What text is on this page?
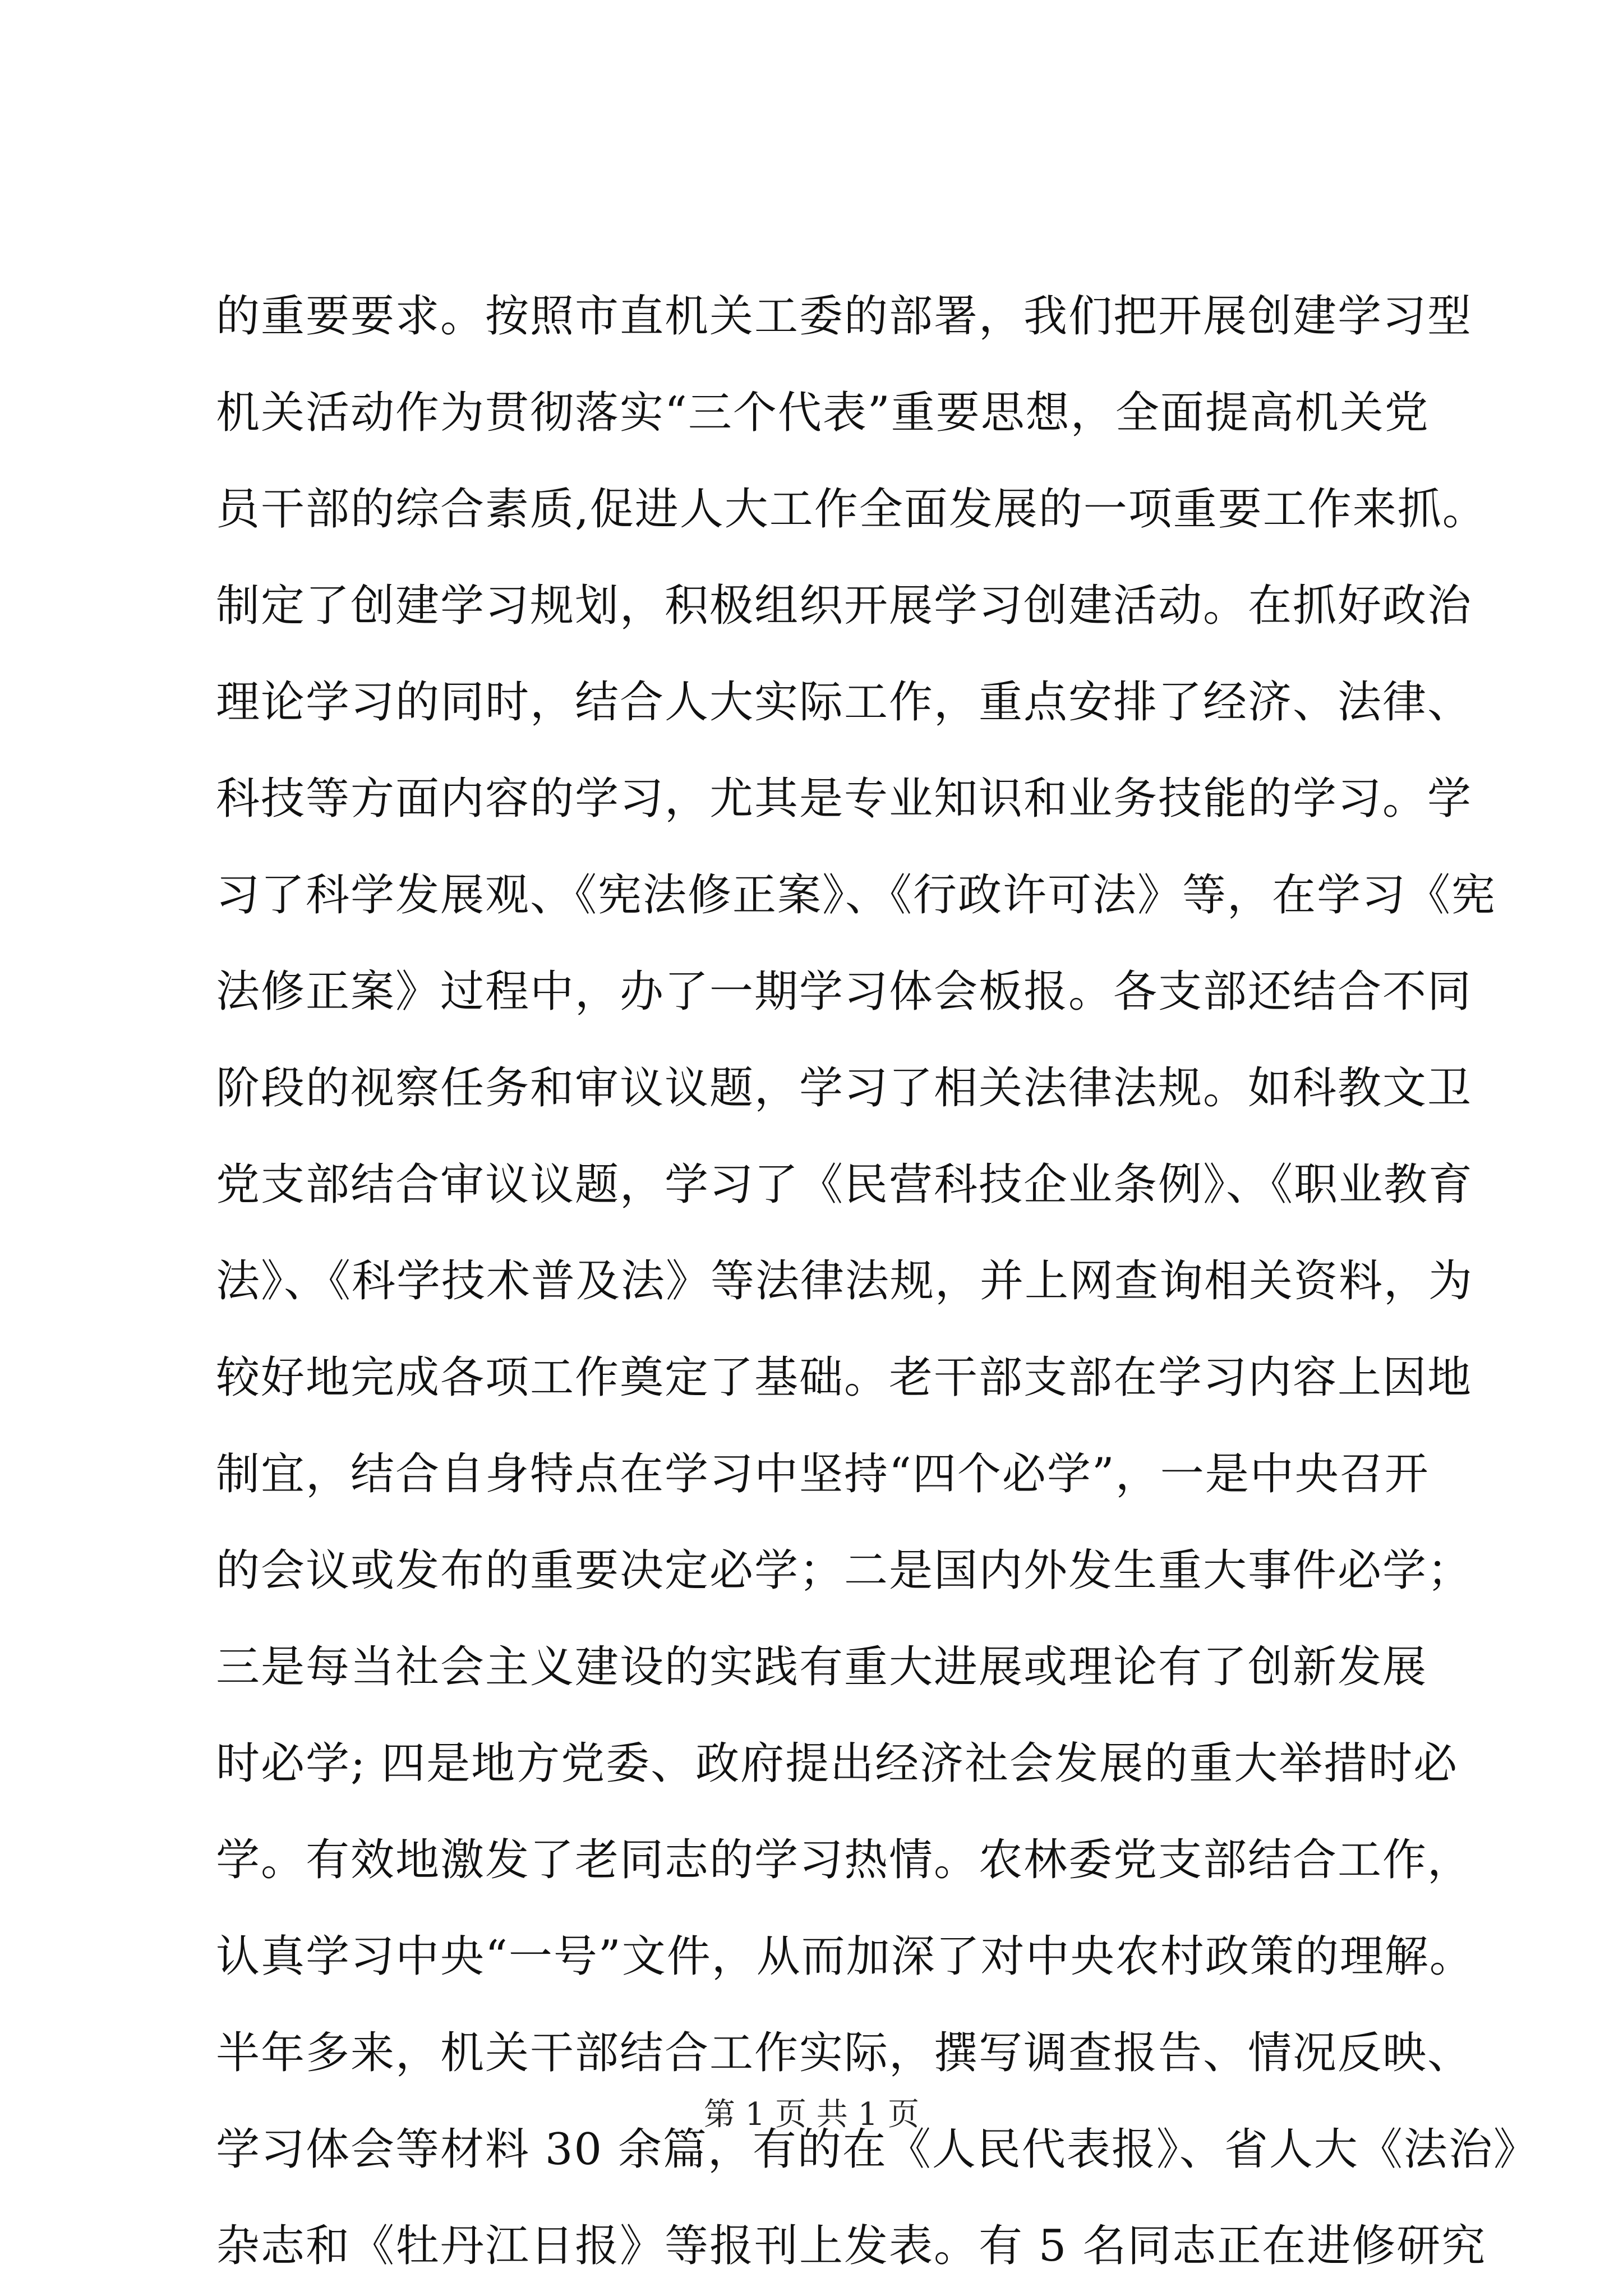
的重要要求。按照市直机关工委的部署，我们把开展创建学习型
机关活动作为贯彻落实“三个代表”重要思想，全面提高机关党
员干部的综合素质,促进人大工作全面发展的一项重要工作来抓。
制定了创建学习规划，积极组织开展学习创建活动。在抓好政治
理论学习的同时，结合人大实际工作，重点安排了经济、法律、
科技等方面内容的学习，尤其是专业知识和业务技能的学习。学
习了科学发展观、《宪法修正案》、《行政许可法》等，在学习《宪
法修正案》过程中，办了一期学习体会板报。各支部还结合不同
阶段的视察任务和审议议题，学习了相关法律法规。如科教文卫
党支部结合审议议题，学习了《民营科技企业条例》、《职业教育
法》、《科学技术普及法》等法律法规，并上网查询相关资料，为
较好地完成各项工作奠定了基础。老干部支部在学习内容上因地
制宜，结合自身特点在学习中坚持“四个必学”，一是中央召开
的会议或发布的重要决定必学；二是国内外发生重大事件必学；
三是每当社会主义建设的实践有重大进展或理论有了创新发展
时必学; 四是地方党委、政府提出经济社会发展的重大举措时必
学。有效地激发了老同志的学习热情。农林委党支部结合工作，
认真学习中央“一号”文件，从而加深了对中央农村政策的理解。
半年多来，机关干部结合工作实际，撰写调查报告、情况反映、
学习体会等材料 30 余篇，有的在《人民代表报》、省人大《法治》
杂志和《牡丹江日报》等报刊上发表。有 5 名同志正在进修研究
第 1 页 共 1 页
